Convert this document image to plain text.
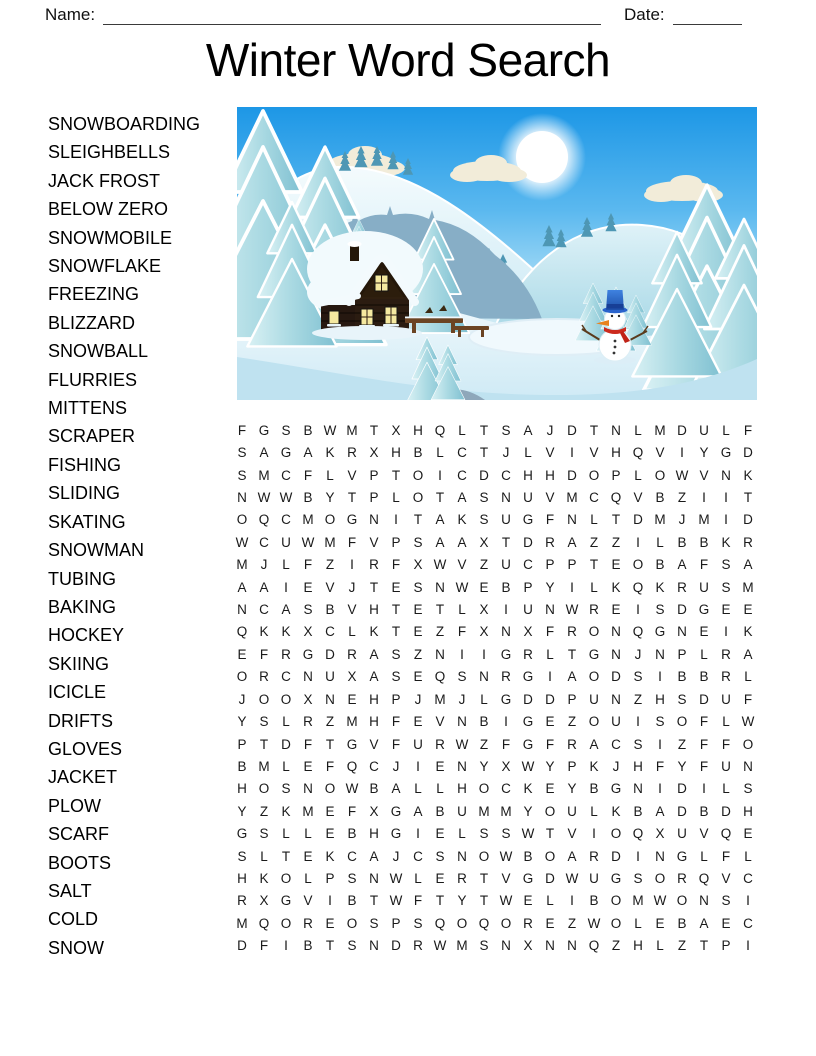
Name:	Date:
Winter Word Search
SNOWBOARDING
SLEIGHBELLS
JACK FROST
BELOW ZERO
SNOWMOBILE
SNOWFLAKE
FREEZING
BLIZZARD
SNOWBALL
FLURRIES
MITTENS
SCRAPER
FISHING
SLIDING
SKATING
SNOWMAN
TUBING
BAKING
HOCKEY
SKIING
ICICLE
DRIFTS
GLOVES
JACKET
PLOW
SCARF
BOOTS
SALT
COLD
SNOW
F G S B W M T X H Q L	T S A	J	D T N L M D U L	F
S A G A K R X H B	L C T	J	L	V	I	V H Q V	I	Y G D
S M C F	L	V P T O	I	C D C H H D O P	L O W V N K
N W W B Y T P	L O T A S N U V M C Q V B Z	I	I	T
O Q C M O G N	I	T A K S U G F N L	T D M J M	I	D
W C U W M F V P S A A X T D R A Z	Z	I	L	B B K R
M J	L	F	Z	I	R F X W V Z U C P P T E O B A F S A
A A	I	E V	J	T E S N W E B P Y	I	L	K Q K R U S M
N C A S B V H T E T	L	X	I	U N W R E	I	S D G E E
Q K K X C L	K T E Z	F X N X F R O N Q G N E	I	K
E F R G D R A S Z N	I	I	G R L	T G N	J	N P	L R A
O R C N U X A S E Q S N R G	I	A O D S	I	B B R L
J O O X N E H P	J M J	L G D D P U N Z H S D U F
Y S	L R Z M H F E V N B	I	G E Z O U	I	S O F	L W
P T D F	T G V F U R W Z	F G F R A C S	I	Z	F	F O
B M L	E F Q C	J	I	E N Y X W Y P K	J	H F Y F U N
H O S N O W B A	L	L H O C K E Y B G N	I	D	I	L	S
Y Z K M E F X G A B U M M Y O U L	K B A D B D H
G S	L	L	E B H G	I	E	L	S S W T V	I	O Q X U V Q E
S	L	T E K C A	J	C S N O W B O A R D	I	N G L	F	L
H K O L	P S N W L	E R T V G D W U G S O R Q V C
R X G V	I	B T W F	T Y T W E	L	I	B O M W O N S	I
M Q O R E O S P S Q O Q O R E Z W O L	E B A E C
D F	I	B T S N D R W M S N X N N Q Z H L	Z	T P	I
